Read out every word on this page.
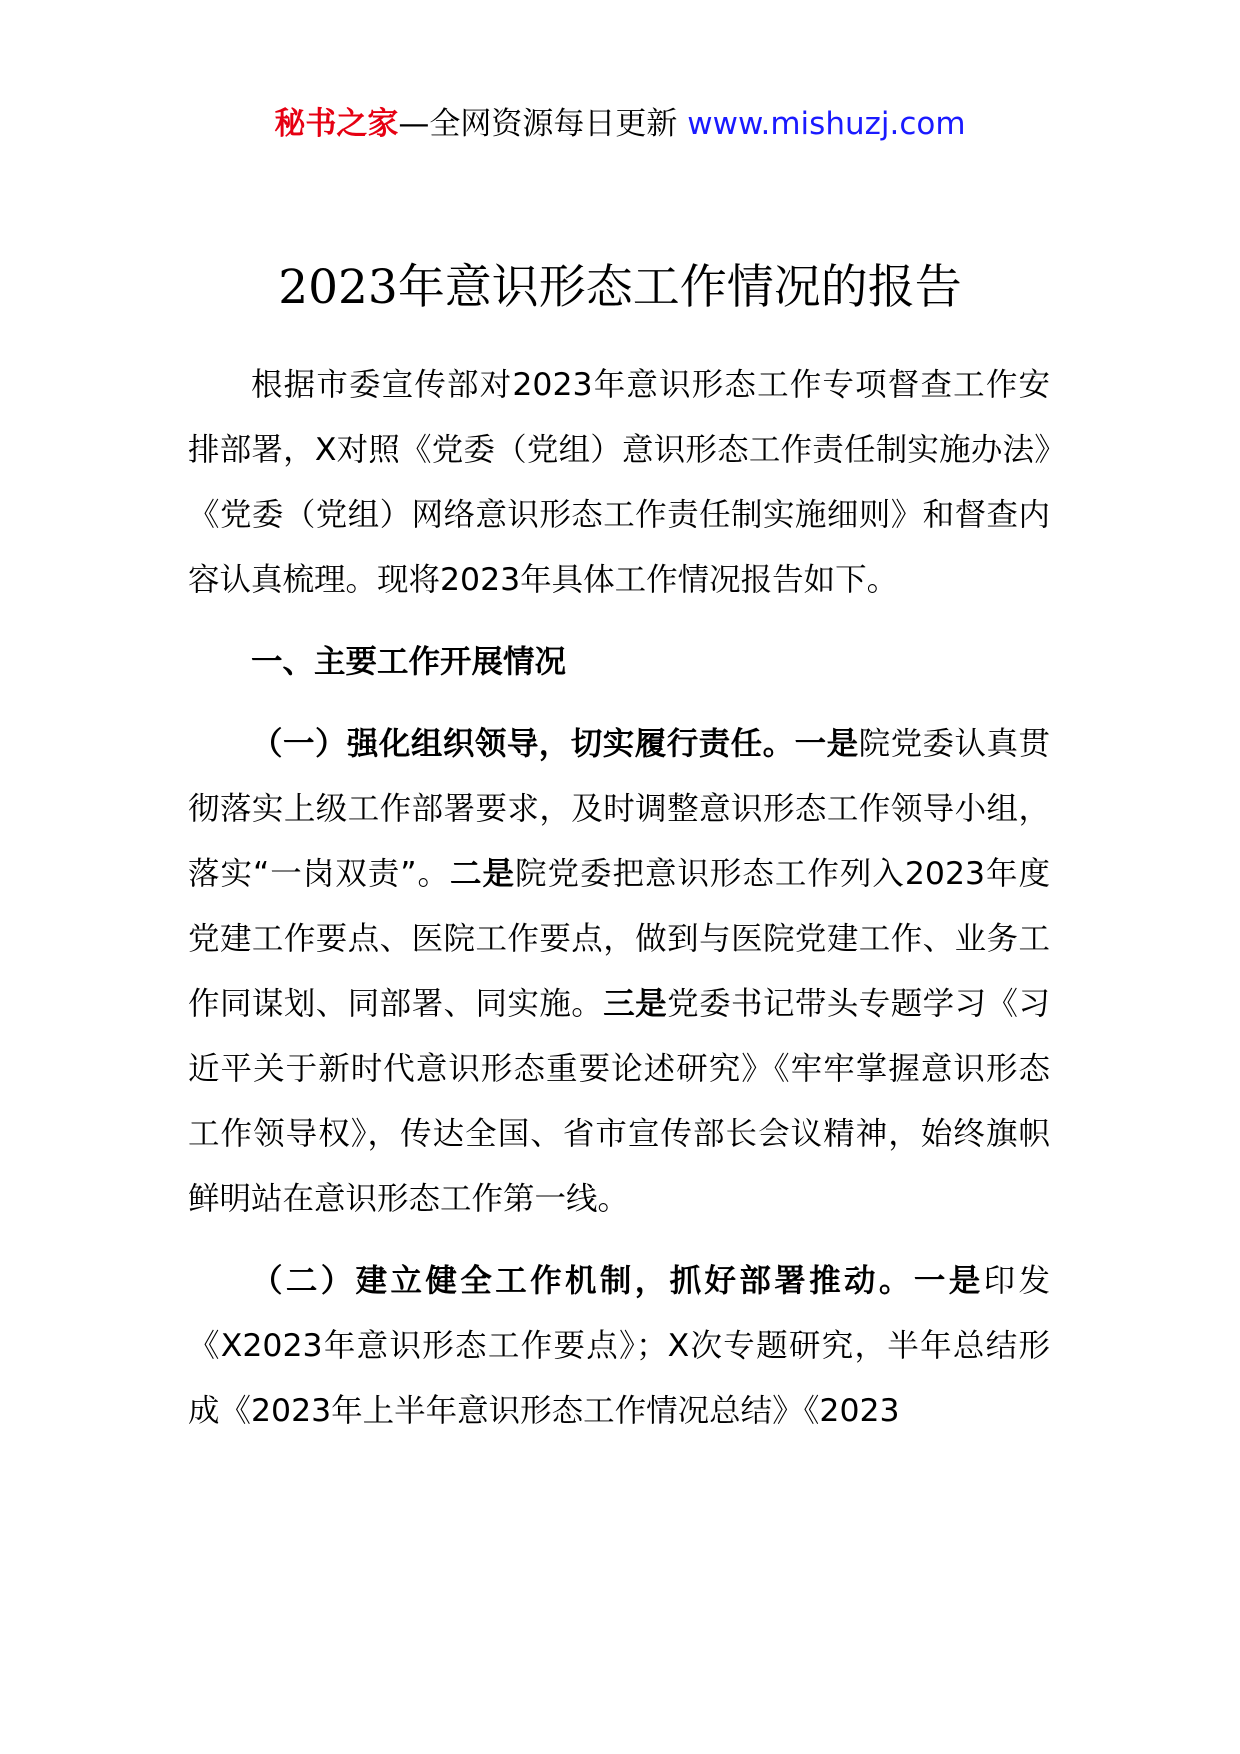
秘书之家—全网资源每日更新 www.mishuzj.com
2023年意识形态工作情况的报告

根据市委宣传部对2023年意识形态工作专项督查工作安排部署，X对照《党委（党组）意识形态工作责任制实施办法》《党委（党组）网络意识形态工作责任制实施细则》和督查内容认真梳理。现将2023年具体工作情况报告如下。

一、主要工作开展情况

（一）强化组织领导，切实履行责任。一是院党委认真贯彻落实上级工作部署要求，及时调整意识形态工作领导小组，落实“一岗双责”。二是院党委把意识形态工作列入2023年度党建工作要点、医院工作要点，做到与医院党建工作、业务工作同谋划、同部署、同实施。三是党委书记带头专题学习《习近平关于新时代意识形态重要论述研究》《牢牢掌握意识形态工作领导权》，传达全国、省市宣传部长会议精神，始终旗帜鲜明站在意识形态工作第一线。

（二）建立健全工作机制，抓好部署推动。一是印发《X2023年意识形态工作要点》；X次专题研究，半年总结形成《2023年上半年意识形态工作情况总结》《2023
